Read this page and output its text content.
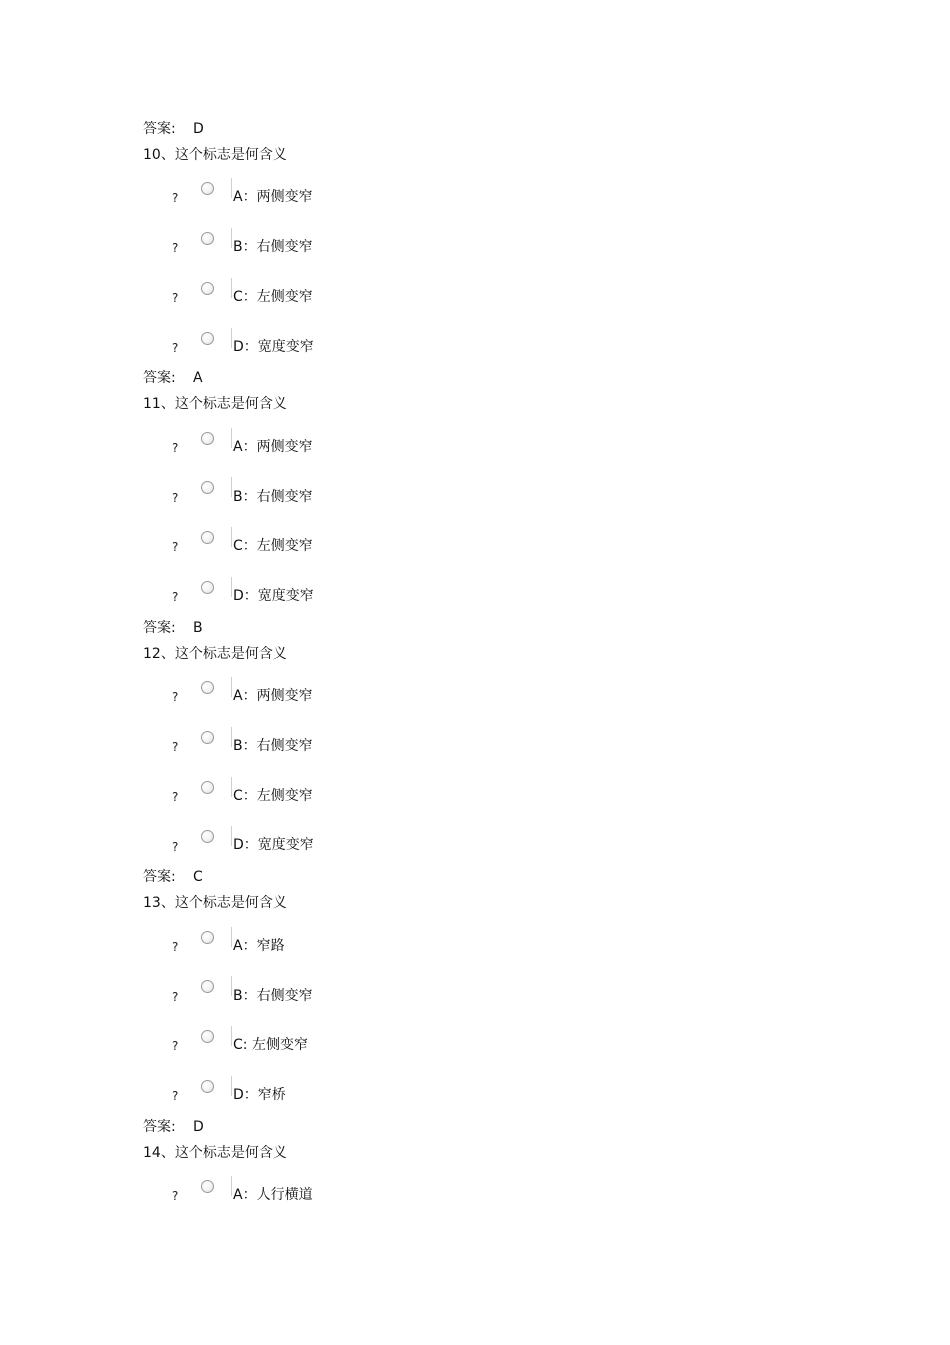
答案: D
10、这个标志是何含义
?	A：两侧变窄
?	B：右侧变窄
?	C：左侧变窄
?	D：宽度变窄
答案: A
11、这个标志是何含义
?	A：两侧变窄
?	B：右侧变窄
?	C：左侧变窄
?	D：宽度变窄
答案: B
12、这个标志是何含义
?	A：两侧变窄
?	B：右侧变窄
?	C：左侧变窄
?	D：宽度变窄
答案: C
13、这个标志是何含义
?	A：窄路
?	B：右侧变窄
?	C: 左侧变窄
?	D：窄桥
答案: D
14、这个标志是何含义
?	A：人行横道
